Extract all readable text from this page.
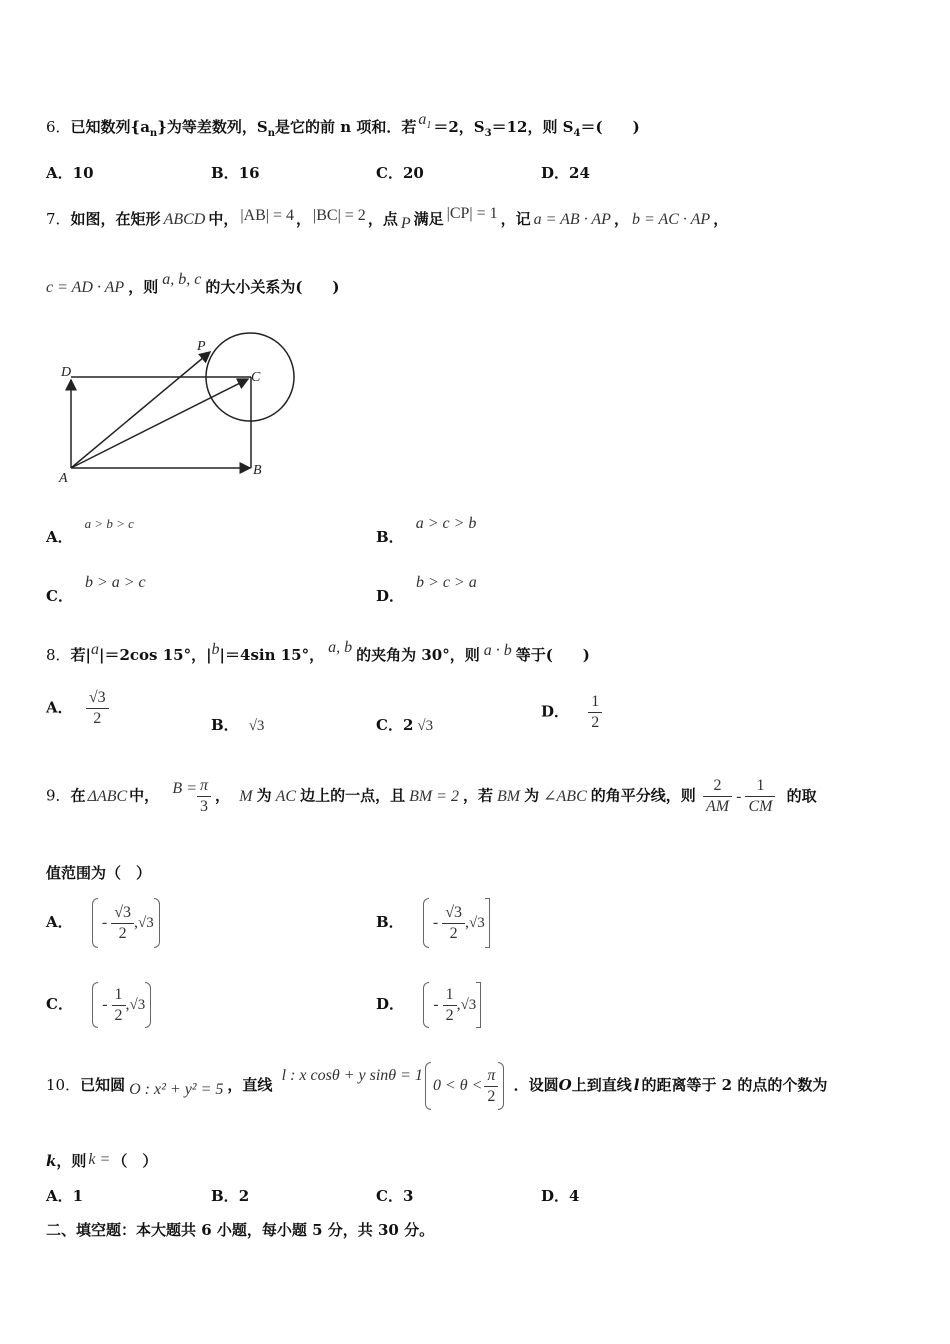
6．已知数列$\{a_n\}$为等差数列，$S_n$是它的前 n 项和．若 $a_1 =2$，$S_3=12$，则 $S_4=$(　　)
A．10	B．16	C．20	D．24
7．如图，在矩形 ABCD 中， |AB| = 4 ， |BC| = 2 ，点 P 满足 |CP| = 1 ，记 a = AB · AP ， b = AC · AP ，
c = AD · AP ，则 a, b, c 的大小关系为(　　)
P
C
D
A
B
A．a > b > c
B．a > c > b
C．b > a > c
D．b > c > a
8．若|a|＝2cos 15°，|b|＝4sin 15°， a, b 的夹角为 30°，则 a · b 等于(　　)
A． $\frac{√3}{2}$	B． √3	C．2 √3
D． $\frac{1}{2}$
9．在 ΔABC 中， $B = \frac{\pi}{3}$ ， M 为 AC 边上的一点，且 BM = 2 ，若 BM 为 ∠ABC 的角平分线，则 $\frac{2}{AM} - \frac{1}{CM}$ 的取
值范围为（　）
A． - $\frac{√3}{2} ,√3$	B． - $\frac{√3}{2} ,√3$
C． - $\frac{1}{2} ,√3$	D． - $\frac{1}{2} ,√3$
10．已知圆 O : x² + y² = 5 ，直线 l : x cosθ + y $\sin\theta = 10 < \theta < \frac{\pi}{2}$ ．设圆O上到直线 l 的距离等于 2 的点的个数为
k，则 k = （　）
A．1	B．2	C．3	D．4
二、填空题：本大题共 6 小题，每小题 5 分，共 30 分。
